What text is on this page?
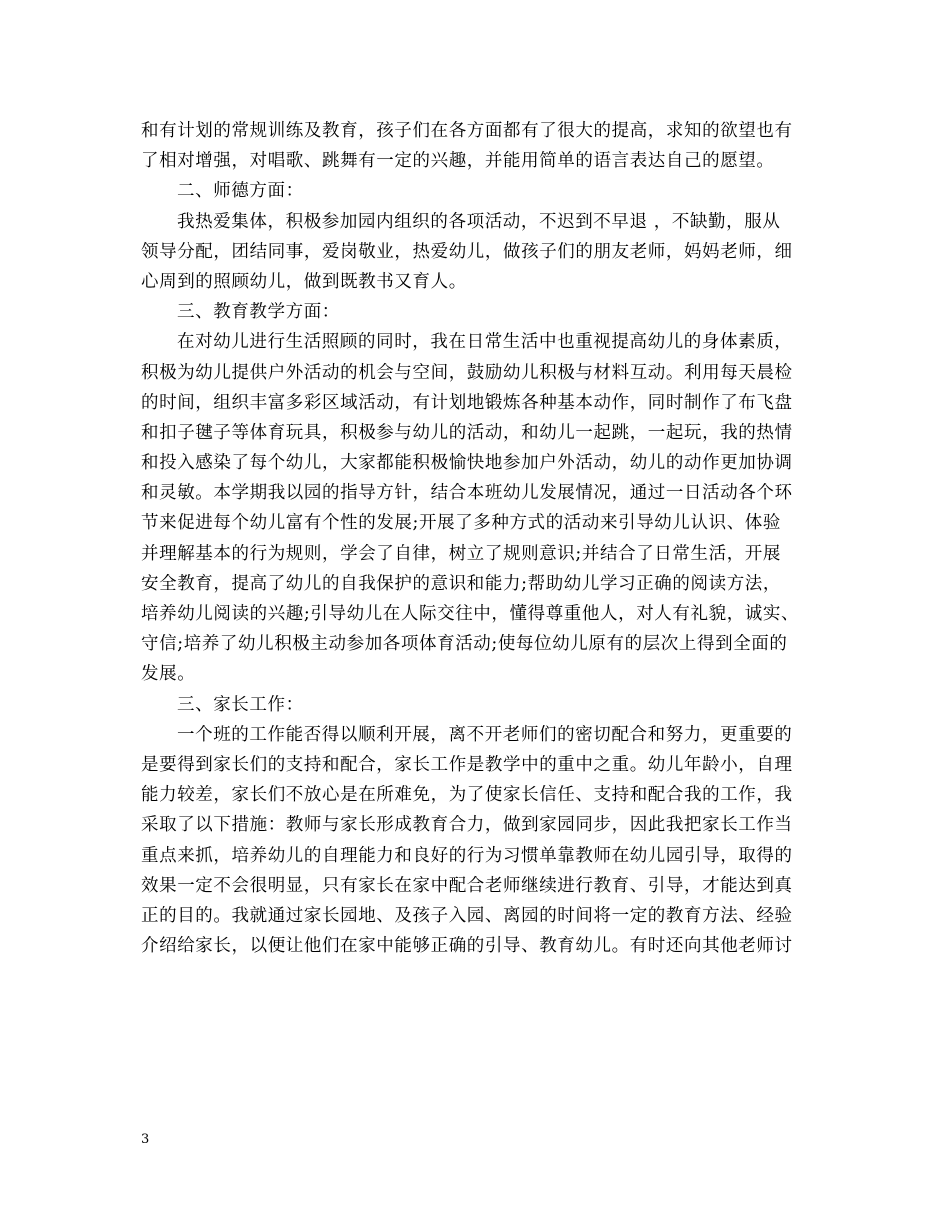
和有计划的常规训练及教育，孩子们在各方面都有了很大的提高，求知的欲望也有
了相对增强，对唱歌、跳舞有一定的兴趣，并能用简单的语言表达自己的愿望。
二、师德方面：
我热爱集体，积极参加园内组织的各项活动，不迟到不早退 ，不缺勤，服从
领导分配，团结同事，爱岗敬业，热爱幼儿，做孩子们的朋友老师，妈妈老师，细
心周到的照顾幼儿，做到既教书又育人。
三、教育教学方面：
在对幼儿进行生活照顾的同时，我在日常生活中也重视提高幼儿的身体素质，
积极为幼儿提供户外活动的机会与空间，鼓励幼儿积极与材料互动。利用每天晨检
的时间，组织丰富多彩区域活动，有计划地锻炼各种基本动作，同时制作了布飞盘
和扣子毽子等体育玩具，积极参与幼儿的活动，和幼儿一起跳，一起玩，我的热情
和投入感染了每个幼儿，大家都能积极愉快地参加户外活动，幼儿的动作更加协调
和灵敏。本学期我以园的指导方针，结合本班幼儿发展情况，通过一日活动各个环
节来促进每个幼儿富有个性的发展;开展了多种方式的活动来引导幼儿认识、体验
并理解基本的行为规则，学会了自律，树立了规则意识;并结合了日常生活，开展
安全教育，提高了幼儿的自我保护的意识和能力;帮助幼儿学习正确的阅读方法，
培养幼儿阅读的兴趣;引导幼儿在人际交往中，懂得尊重他人，对人有礼貌，诚实、
守信;培养了幼儿积极主动参加各项体育活动;使每位幼儿原有的层次上得到全面的
发展。
三、家长工作：
一个班的工作能否得以顺利开展，离不开老师们的密切配合和努力，更重要的
是要得到家长们的支持和配合，家长工作是教学中的重中之重。幼儿年龄小，自理
能力较差，家长们不放心是在所难免，为了使家长信任、支持和配合我的工作，我
采取了以下措施：教师与家长形成教育合力，做到家园同步，因此我把家长工作当
重点来抓，培养幼儿的自理能力和良好的行为习惯单靠教师在幼儿园引导，取得的
效果一定不会很明显，只有家长在家中配合老师继续进行教育、引导，才能达到真
正的目的。我就通过家长园地、及孩子入园、离园的时间将一定的教育方法、经验
介绍给家长，以便让他们在家中能够正确的引导、教育幼儿。有时还向其他老师讨
3
